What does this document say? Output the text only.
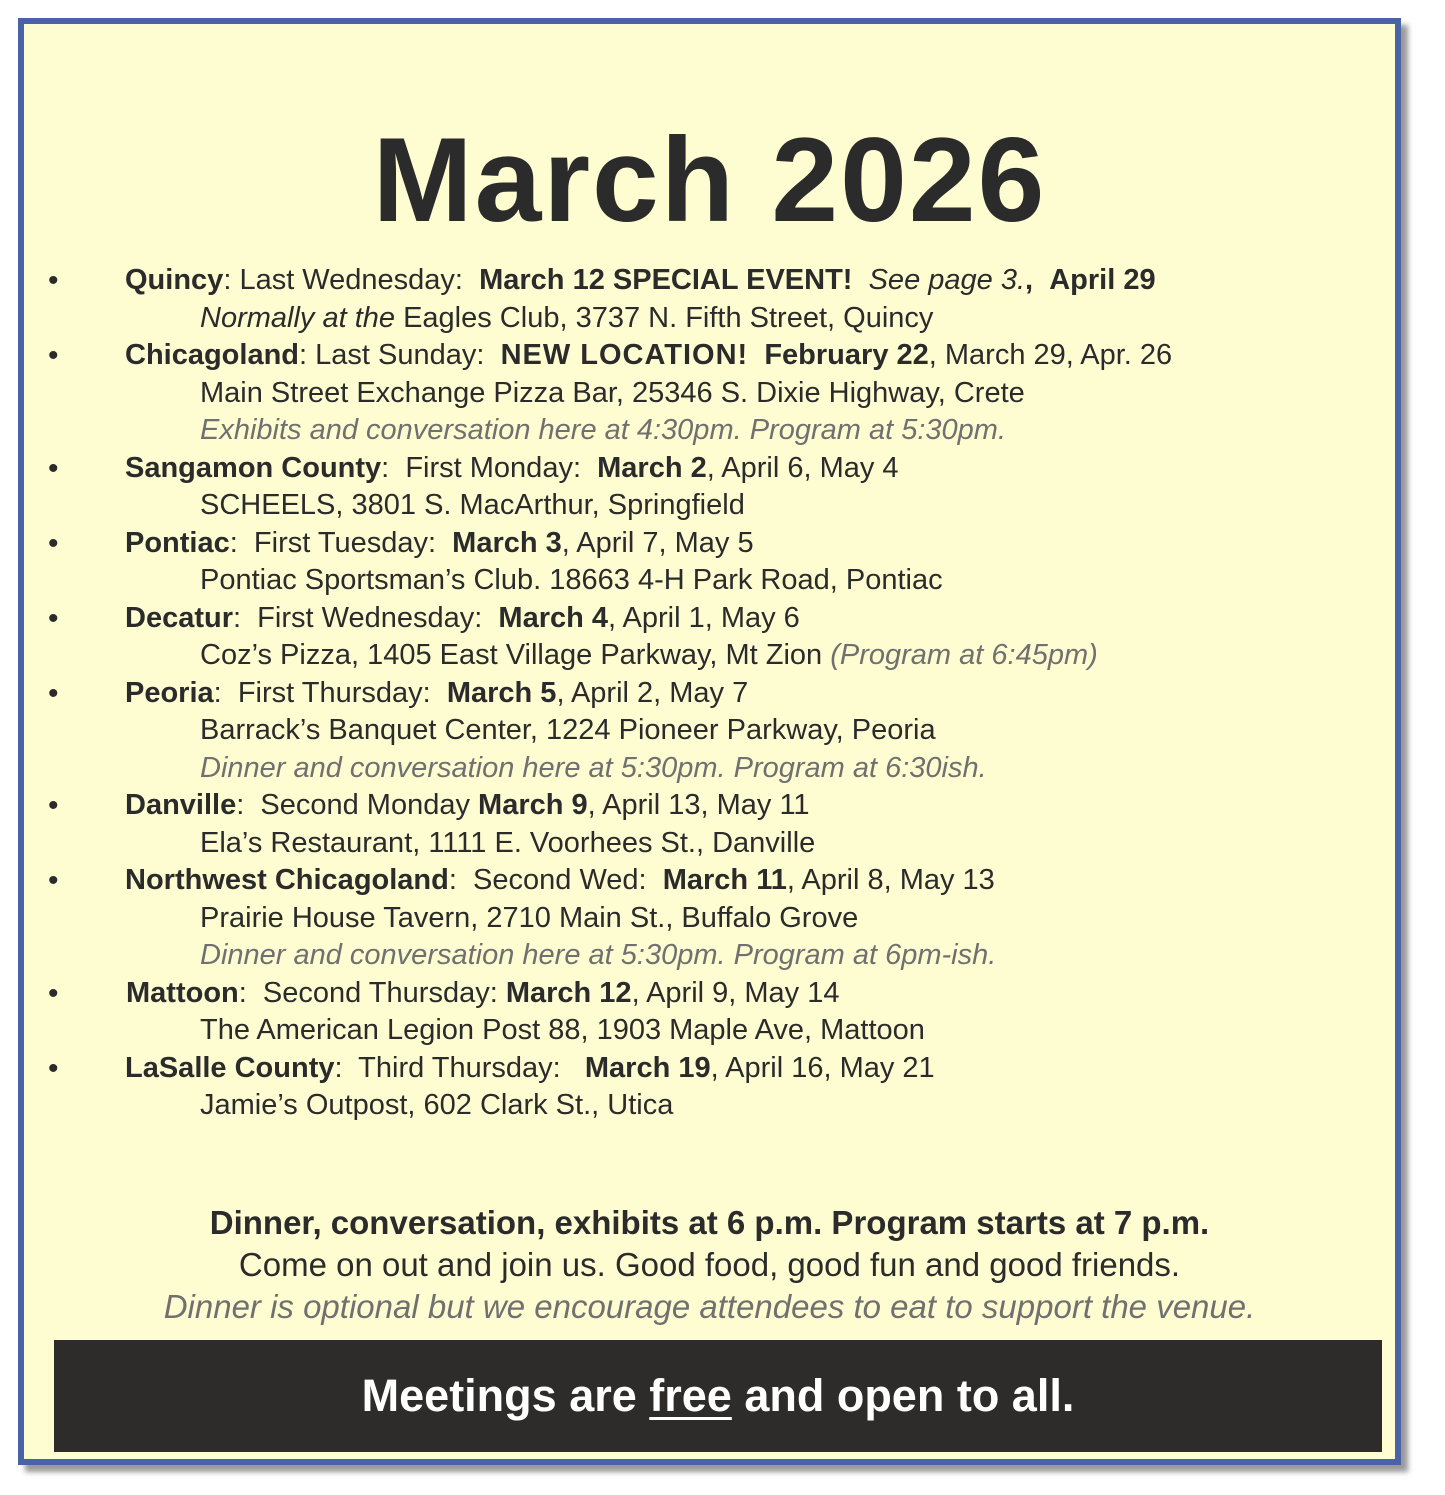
March 2026
•	Quincy: Last Wednesday: March 12 SPECIAL EVENT! See page 3., April 29
Normally at the Eagles Club, 3737 N. Fifth Street, Quincy
•	Chicagoland: Last Sunday: NEW LOCATION! February 22, March 29, Apr. 26
Main Street Exchange Pizza Bar, 25346 S. Dixie Highway, Crete
Exhibits and conversation here at 4:30pm. Program at 5:30pm.
•	Sangamon County:  First Monday: March 2, April 6, May 4
SCHEELS, 3801 S. MacArthur, Springfield
•	Pontiac:  First Tuesday: March 3, April 7, May 5
Pontiac Sportsman’s Club. 18663 4-H Park Road, Pontiac
•	Decatur:  First Wednesday: March 4, April 1, May 6
Coz’s Pizza, 1405 East Village Parkway, Mt Zion (Program at 6:45pm)
•	Peoria:  First Thursday: March 5, April 2, May 7
Barrack’s Banquet Center, 1224 Pioneer Parkway, Peoria
Dinner and conversation here at 5:30pm. Program at 6:30ish.
•	Danville:  Second Monday March 9, April 13, May 11
Ela’s Restaurant, 1111 E. Voorhees St., Danville
•	Northwest Chicagoland:  Second Wed: March 11, April 8, May 13
Prairie House Tavern, 2710 Main St., Buffalo Grove
Dinner and conversation here at 5:30pm. Program at 6pm-ish.
•	Mattoon:  Second Thursday: March 12, April 9, May 14
The American Legion Post 88, 1903 Maple Ave, Mattoon
•	LaSalle County:  Third Thursday: March 19, April 16, May 21
Jamie’s Outpost, 602 Clark St., Utica
Dinner, conversation, exhibits at 6 p.m. Program starts at 7 p.m.
Come on out and join us. Good food, good fun and good friends.
Dinner is optional but we encourage attendees to eat to support the venue.
Meetings are free and open to all.
